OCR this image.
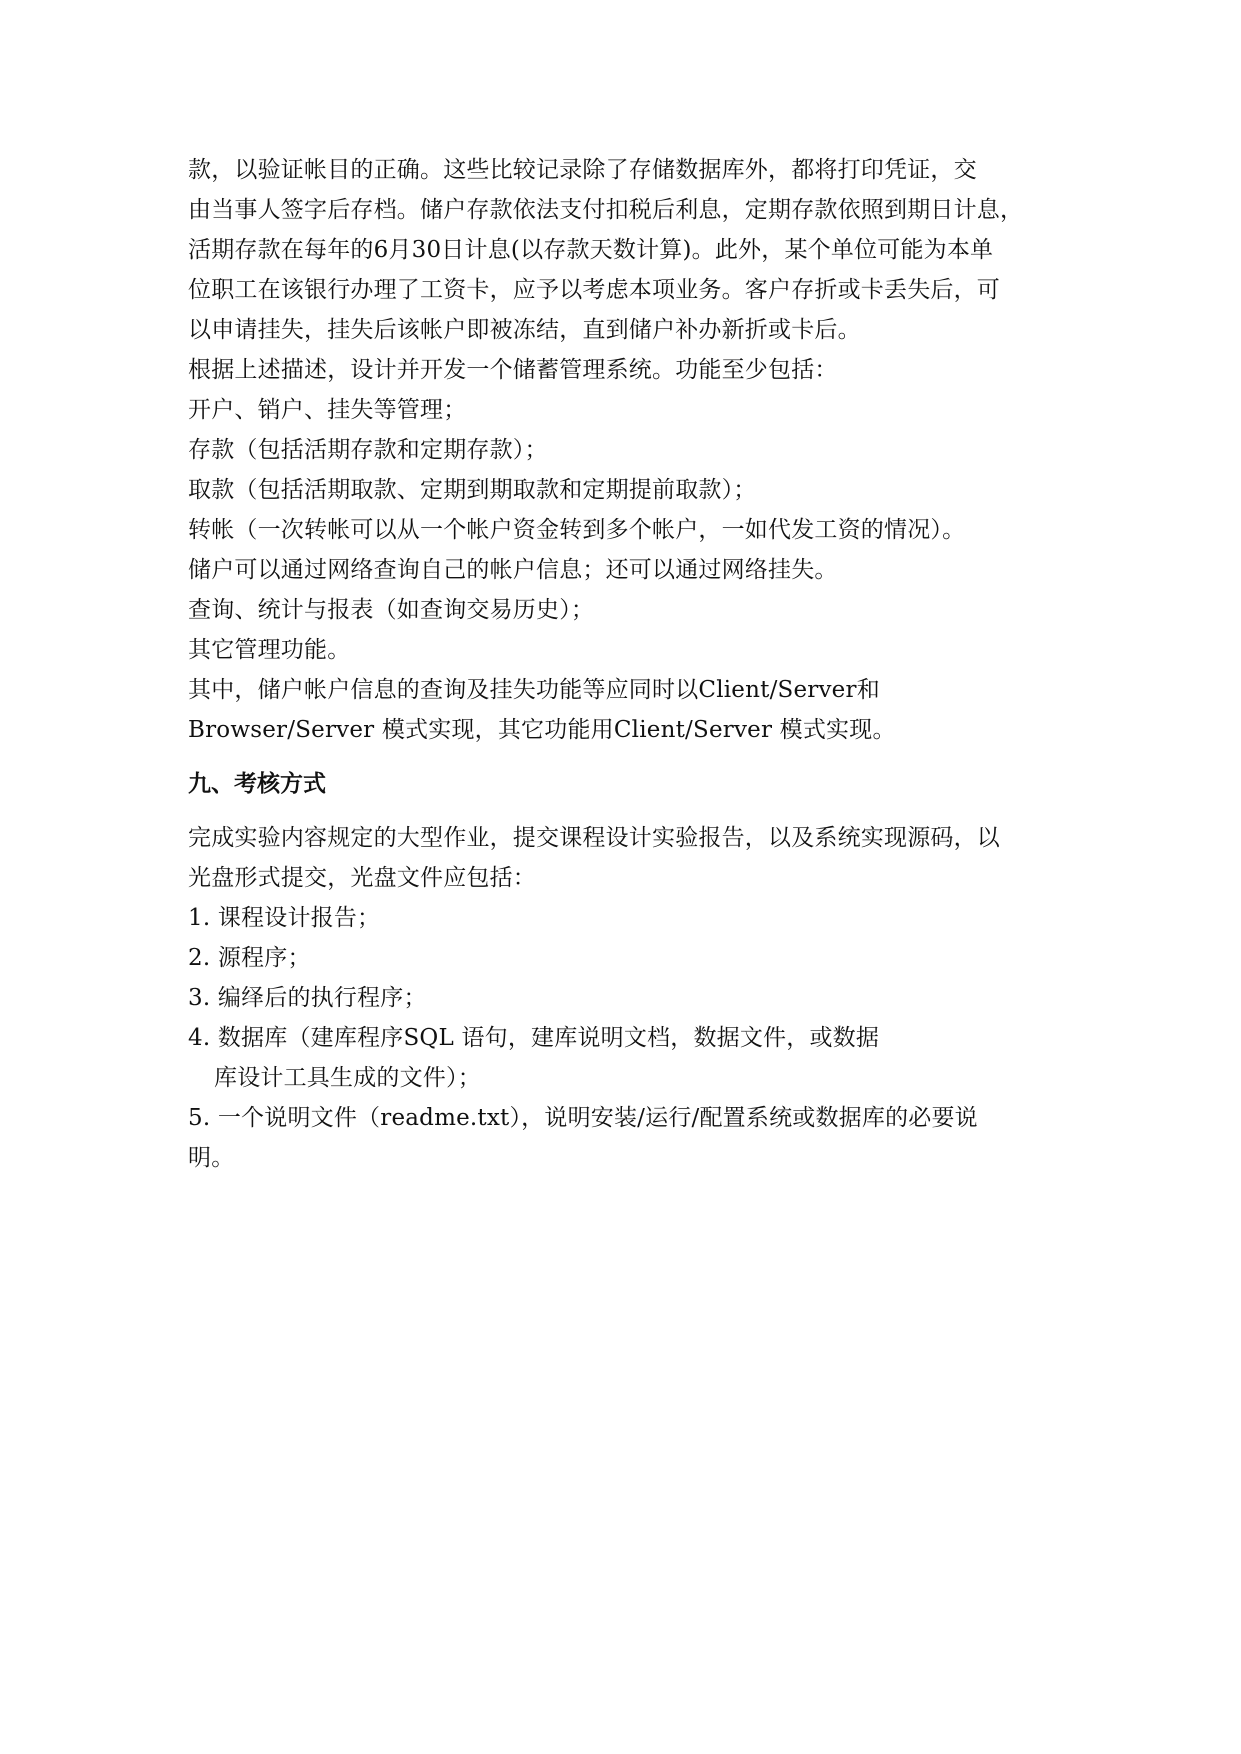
款，以验证帐目的正确。这些比较记录除了存储数据库外，都将打印凭证，交
由当事人签字后存档。储户存款依法支付扣税后利息，定期存款依照到期日计息，
活期存款在每年的6月30日计息(以存款天数计算)。此外，某个单位可能为本单
位职工在该银行办理了工资卡，应予以考虑本项业务。客户存折或卡丢失后，可
以申请挂失，挂失后该帐户即被冻结，直到储户补办新折或卡后。
根据上述描述，设计并开发一个储蓄管理系统。功能至少包括：
开户、销户、挂失等管理；
存款（包括活期存款和定期存款）；
取款（包括活期取款、定期到期取款和定期提前取款）；
转帐（一次转帐可以从一个帐户资金转到多个帐户，一如代发工资的情况）。
储户可以通过网络查询自己的帐户信息；还可以通过网络挂失。
查询、统计与报表（如查询交易历史）；
其它管理功能。
其中，储户帐户信息的查询及挂失功能等应同时以Client/Server和
Browser/Server 模式实现，其它功能用Client/Server 模式实现。
九、考核方式
完成实验内容规定的大型作业，提交课程设计实验报告，以及系统实现源码，以
光盘形式提交，光盘文件应包括：
1. 课程设计报告；
2. 源程序；
3. 编绎后的执行程序；
4. 数据库（建库程序SQL 语句，建库说明文档，数据文件，或数据
库设计工具生成的文件）；
5. 一个说明文件（readme.txt），说明安装/运行/配置系统或数据库的必要说
明。
